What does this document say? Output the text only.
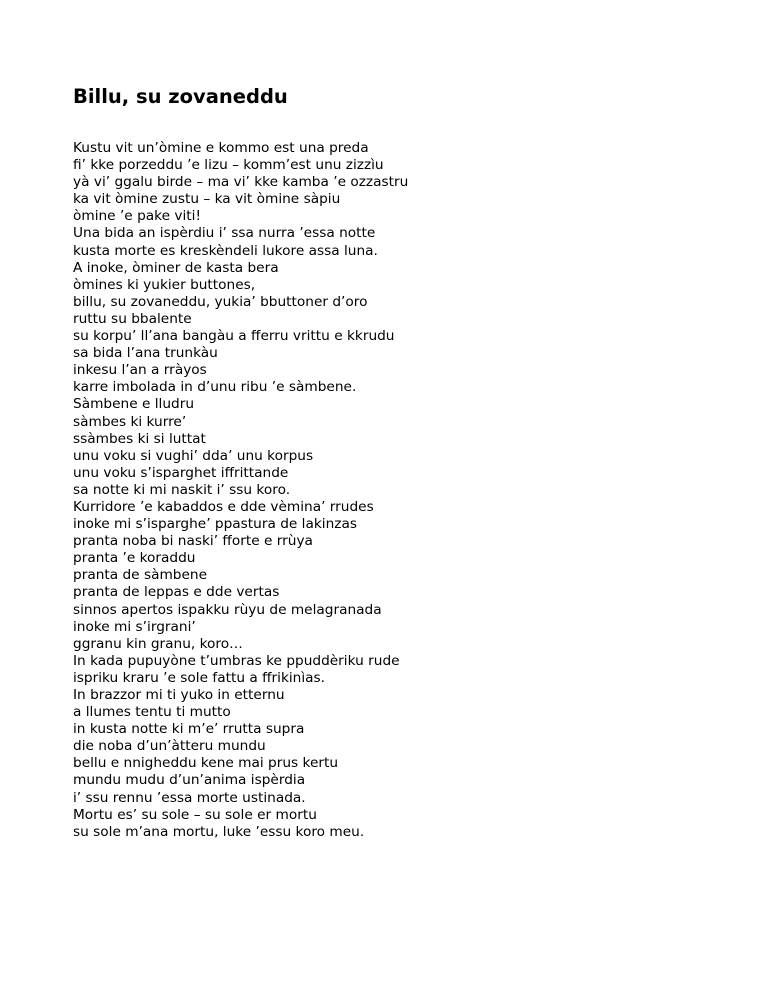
Billu, su zovaneddu
Kustu vit un’òmine e kommo est una preda
fi’ kke porzeddu ’e lizu – komm’est unu zizzìu
yà vi’ ggalu birde – ma vi’ kke kamba ’e ozzastru
ka vit òmine zustu – ka vit òmine sàpiu
òmine ’e pake viti!
Una bida an ispèrdiu i’ ssa nurra ’essa notte
kusta morte es kreskèndeli lukore assa luna.
A inoke, òminer de kasta bera
òmines ki yukier buttones,
billu, su zovaneddu, yukia’ bbuttoner d’oro
ruttu su bbalente
su korpu’ ll’ana bangàu a fferru vrittu e kkrudu
sa bida l’ana trunkàu
inkesu l’an a rràyos
karre imbolada in d’unu ribu ’e sàmbene.
Sàmbene e lludru
sàmbes ki kurre’
ssàmbes ki si luttat
unu voku si vughi’ dda’ unu korpus
unu voku s’isparghet iffrittande
sa notte ki mi naskit i’ ssu koro.
Kurridore ’e kabaddos e dde vèmina’ rrudes
inoke mi s’isparghe’ ppastura de lakinzas
pranta noba bi naski’ fforte e rrùya
pranta ’e koraddu
pranta de sàmbene
pranta de leppas e dde vertas
sinnos apertos ispakku rùyu de melagranada
inoke mi s’irgrani’
ggranu kin granu, koro…
In kada pupuyòne t’umbras ke ppuddèriku rude
ispriku kraru ’e sole fattu a ffrikinìas.
In brazzor mi ti yuko in etternu
a llumes tentu ti mutto
in kusta notte ki m’e’ rrutta supra
die noba d’un’àtteru mundu
bellu e nnigheddu kene mai prus kertu
mundu mudu d’un’anima ispèrdia
i’ ssu rennu ’essa morte ustinada.
Mortu es’ su sole – su sole er mortu
su sole m’ana mortu, luke ’essu koro meu.
